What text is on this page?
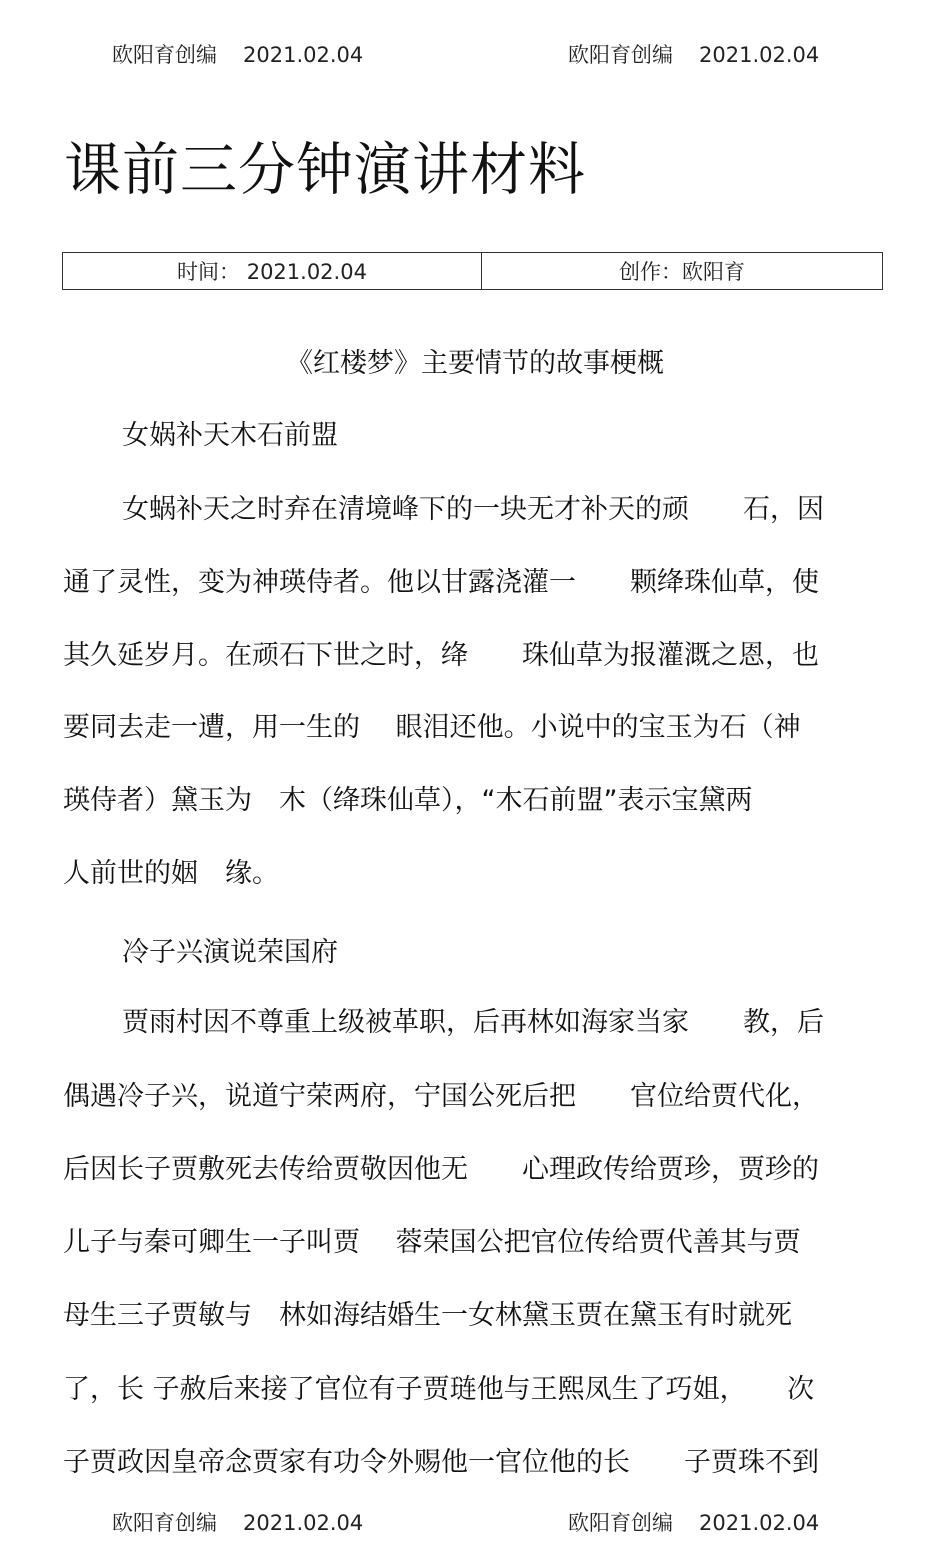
欧阳育创编 2021.02.04	欧阳育创编 2021.02.04
课前三分钟演讲材料
时间： 2021.02.04	创作：欧阳育
《红楼梦》主要情节的故事梗概
女娲补天木石前盟
女蜗补天之时弃在清境峰下的一块无才补天的顽　　石，因
通了灵性，变为神瑛侍者。他以甘露浇灌一　　颗绛珠仙草，使
其久延岁月。在顽石下世之时，绛　　珠仙草为报灌溉之恩，也
要同去走一遭，用一生的　 眼泪还他。小说中的宝玉为石（神
瑛侍者）黛玉为　木（绛珠仙草），“木石前盟”表示宝黛两
人前世的姻　缘。
冷子兴演说荣国府
贾雨村因不尊重上级被革职，后再林如海家当家　　教，后
偶遇冷子兴，说道宁荣两府，宁国公死后把　　官位给贾代化，
后因长子贾敷死去传给贾敬因他无　　心理政传给贾珍，贾珍的
儿子与秦可卿生一子叫贾　 蓉荣国公把官位传给贾代善其与贾
母生三子贾敏与　林如海结婚生一女林黛玉贾在黛玉有时就死
了，长 子赦后来接了官位有子贾琏他与王熙凤生了巧姐，　　次
子贾政因皇帝念贾家有功令外赐他一官位他的长　　子贾珠不到
欧阳育创编 2021.02.04	欧阳育创编 2021.02.04
